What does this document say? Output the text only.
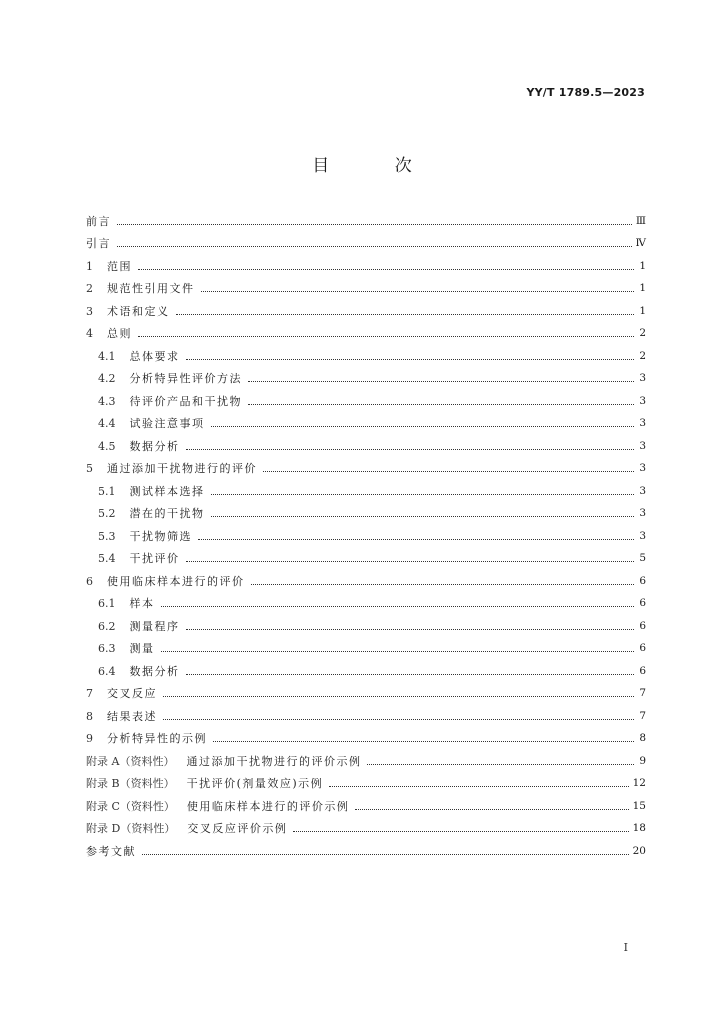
YY/T 1789.5—2023
目 次
前言	Ⅲ
引言	Ⅳ
1 范围	1
2 规范性引用文件	1
3 术语和定义	1
4 总则	2
4.1 总体要求	2
4.2 分析特异性评价方法	3
4.3 待评价产品和干扰物	3
4.4 试验注意事项	3
4.5 数据分析	3
5 通过添加干扰物进行的评价	3
5.1 测试样本选择	3
5.2 潜在的干扰物	3
5.3 干扰物筛选	3
5.4 干扰评价	5
6 使用临床样本进行的评价	6
6.1 样本	6
6.2 测量程序	6
6.3 测量	6
6.4 数据分析	6
7 交叉反应	7
8 结果表述	7
9 分析特异性的示例	8
附录 A（资料性） 通过添加干扰物进行的评价示例	9
附录 B（资料性） 干扰评价(剂量效应)示例	12
附录 C（资料性） 使用临床样本进行的评价示例	15
附录 D（资料性） 交叉反应评价示例	18
参考文献	20
I
